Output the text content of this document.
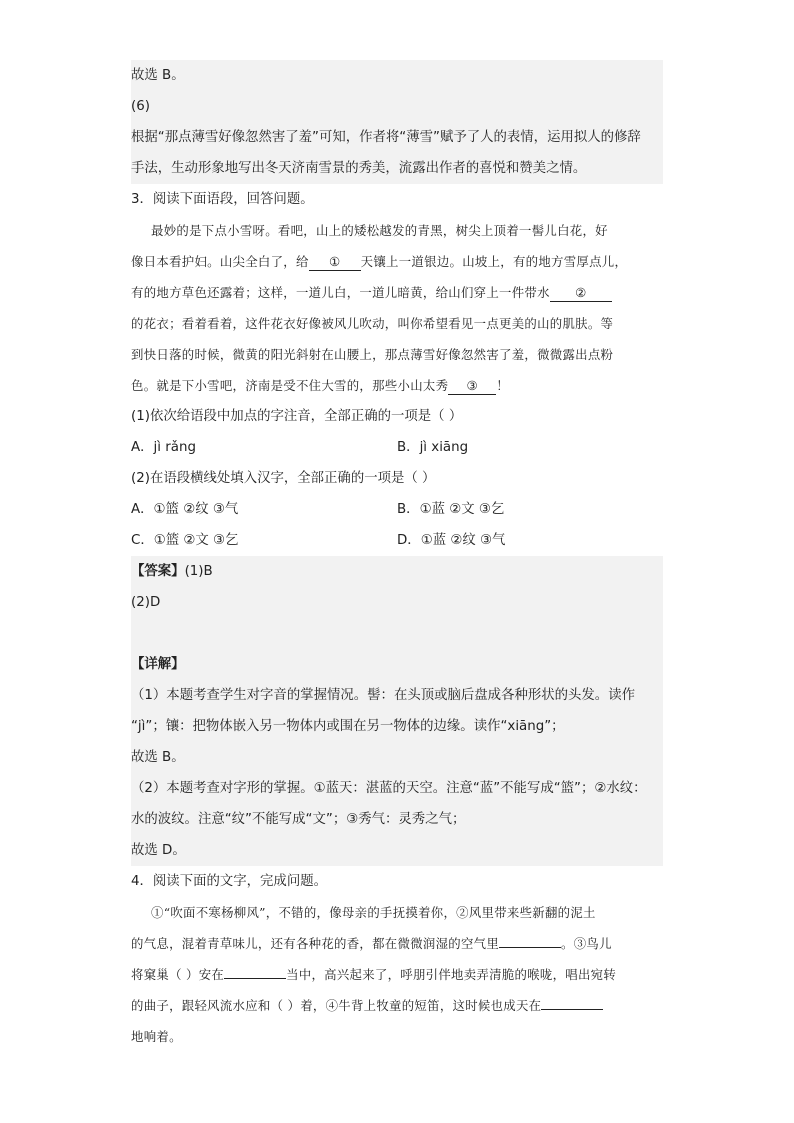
故选 B。
(6)
根据“那点薄雪好像忽然害了羞”可知，作者将“薄雪”赋予了人的表情，运用拟人的修辞
手法，生动形象地写出冬天济南雪景的秀美，流露出作者的喜悦和赞美之情。
3．阅读下面语段，回答问题。
最妙的是下点小雪呀。看吧，山上的矮松越发的青黑，树尖上顶着一髻儿白花，好
像日本看护妇。山尖全白了，给 ① 天镶上一道银边。山坡上，有的地方雪厚点儿，
有的地方草色还露着；这样，一道儿白，一道儿暗黄，给山们穿上一件带水 ②
的花衣；看着看着，这件花衣好像被风儿吹动，叫你希望看见一点更美的山的肌肤。等
到快日落的时候，微黄的阳光斜射在山腰上，那点薄雪好像忽然害了羞，微微露出点粉
色。就是下小雪吧，济南是受不住大雪的，那些小山太秀 ③ ！
(1)依次给语段中加点的字注音，全部正确的一项是（ ）
A．jì rǎng	B．jì xiāng
(2)在语段横线处填入汉字，全部正确的一项是（ ）
A．①篮 ②纹 ③气	B．①蓝 ②文 ③乞
C．①篮 ②文 ③乞	D．①蓝 ②纹 ③气
【答案】(1)B
(2)D
【详解】
（1）本题考查学生对字音的掌握情况。髻：在头顶或脑后盘成各种形状的头发。读作
“jì”；镶：把物体嵌入另一物体内或围在另一物体的边缘。读作“xiāng”；
故选 B。
（2）本题考查对字形的掌握。①蓝天：湛蓝的天空。注意“蓝”不能写成“篮”；②水纹：
水的波纹。注意“纹”不能写成“文”；③秀气：灵秀之气；
故选 D。
4．阅读下面的文字，完成问题。
①“吹面不寒杨柳风”，不错的，像母亲的手抚摸着你，②风里带来些新翻的泥土
的气息，混着青草味儿，还有各种花的香，都在微微润湿的空气里	。③鸟儿
将窠巢（ ）安在	当中，高兴起来了，呼朋引伴地卖弄清脆的喉咙，唱出宛转
的曲子，跟轻风流水应和（ ）着，④牛背上牧童的短笛，这时候也成天在
地响着。
